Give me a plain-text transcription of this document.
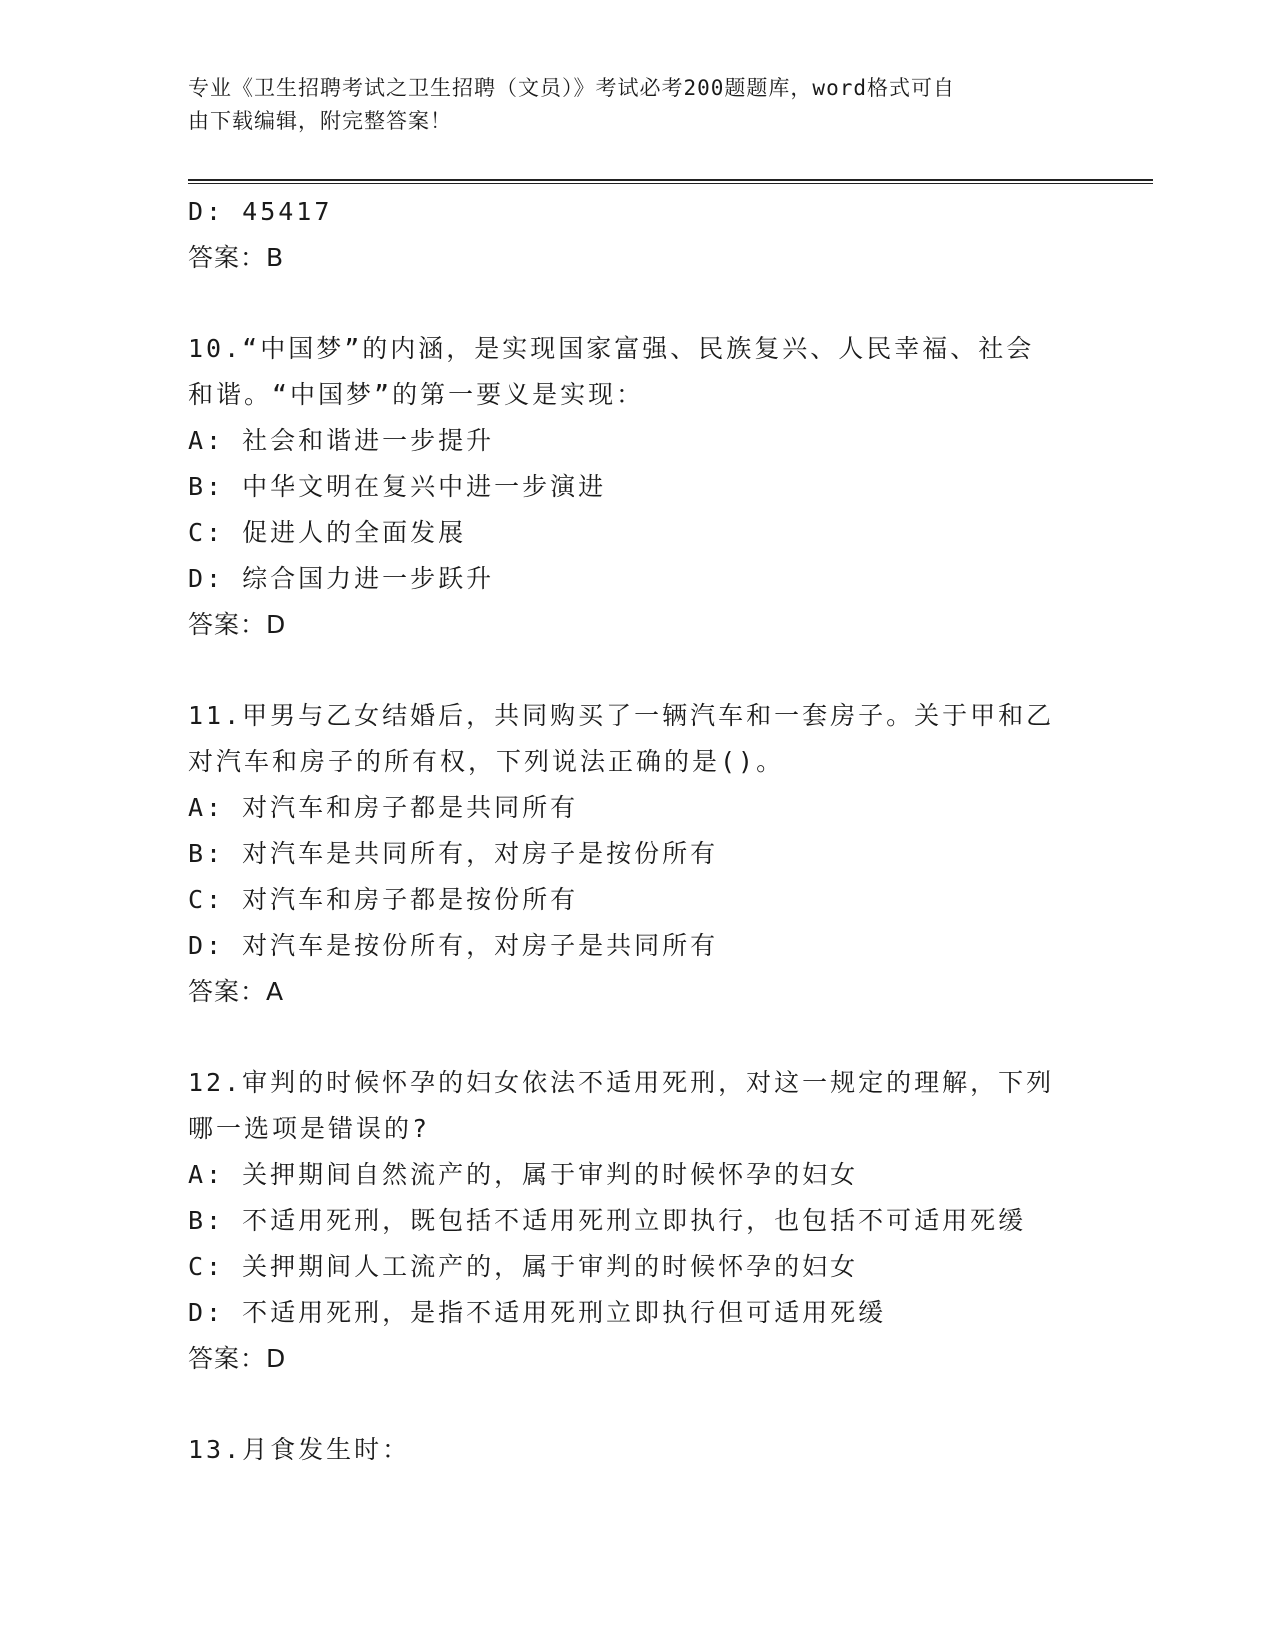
专业《卫生招聘考试之卫生招聘（文员）》考试必考200题题库，word格式可自
由下载编辑，附完整答案！
D: 45417
答案：B
10.“中国梦”的内涵，是实现国家富强、民族复兴、人民幸福、社会
和谐。“中国梦”的第一要义是实现：
A: 社会和谐进一步提升
B: 中华文明在复兴中进一步演进
C: 促进人的全面发展
D: 综合国力进一步跃升
答案：D
11.甲男与乙女结婚后，共同购买了一辆汽车和一套房子。关于甲和乙
对汽车和房子的所有权，下列说法正确的是()。
A: 对汽车和房子都是共同所有
B: 对汽车是共同所有，对房子是按份所有
C: 对汽车和房子都是按份所有
D: 对汽车是按份所有，对房子是共同所有
答案：A
12.审判的时候怀孕的妇女依法不适用死刑，对这一规定的理解，下列
哪一选项是错误的?
A: 关押期间自然流产的，属于审判的时候怀孕的妇女
B: 不适用死刑，既包括不适用死刑立即执行，也包括不可适用死缓
C: 关押期间人工流产的，属于审判的时候怀孕的妇女
D: 不适用死刑，是指不适用死刑立即执行但可适用死缓
答案：D
13.月食发生时：
